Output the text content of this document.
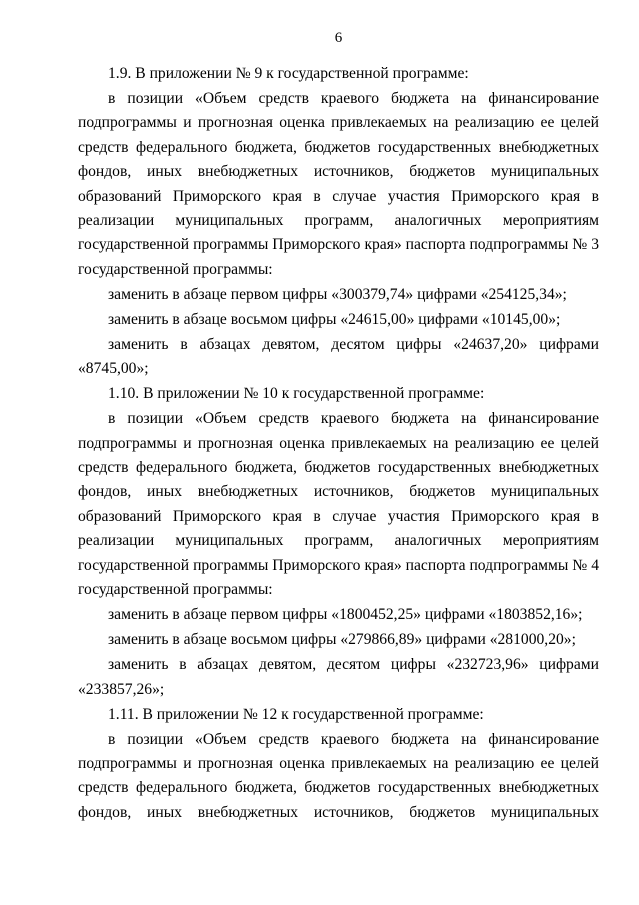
6

1.9. В приложении № 9 к государственной программе:

в позиции «Объем средств краевого бюджета на финансирование подпрограммы и прогнозная оценка привлекаемых на реализацию ее целей средств федерального бюджета, бюджетов государственных внебюджетных фондов, иных внебюджетных источников, бюджетов муниципальных образований Приморского края в случае участия Приморского края в реализации муниципальных программ, аналогичных мероприятиям государственной программы Приморского края» паспорта подпрограммы № 3 государственной программы:

заменить в абзаце первом цифры «300379,74» цифрами «254125,34»;

заменить в абзаце восьмом цифры «24615,00» цифрами «10145,00»;

заменить в абзацах девятом, десятом цифры «24637,20» цифрами «8745,00»;

1.10. В приложении № 10 к государственной программе:

в позиции «Объем средств краевого бюджета на финансирование подпрограммы и прогнозная оценка привлекаемых на реализацию ее целей средств федерального бюджета, бюджетов государственных внебюджетных фондов, иных внебюджетных источников, бюджетов муниципальных образований Приморского края в случае участия Приморского края в реализации муниципальных программ, аналогичных мероприятиям государственной программы Приморского края» паспорта подпрограммы № 4 государственной программы:

заменить в абзаце первом цифры «1800452,25» цифрами «1803852,16»;

заменить в абзаце восьмом цифры «279866,89» цифрами «281000,20»;

заменить в абзацах девятом, десятом цифры «232723,96» цифрами «233857,26»;

1.11. В приложении № 12 к государственной программе:

в позиции «Объем средств краевого бюджета на финансирование подпрограммы и прогнозная оценка привлекаемых на реализацию ее целей средств федерального бюджета, бюджетов государственных внебюджетных фондов, иных внебюджетных источников, бюджетов муниципальных
